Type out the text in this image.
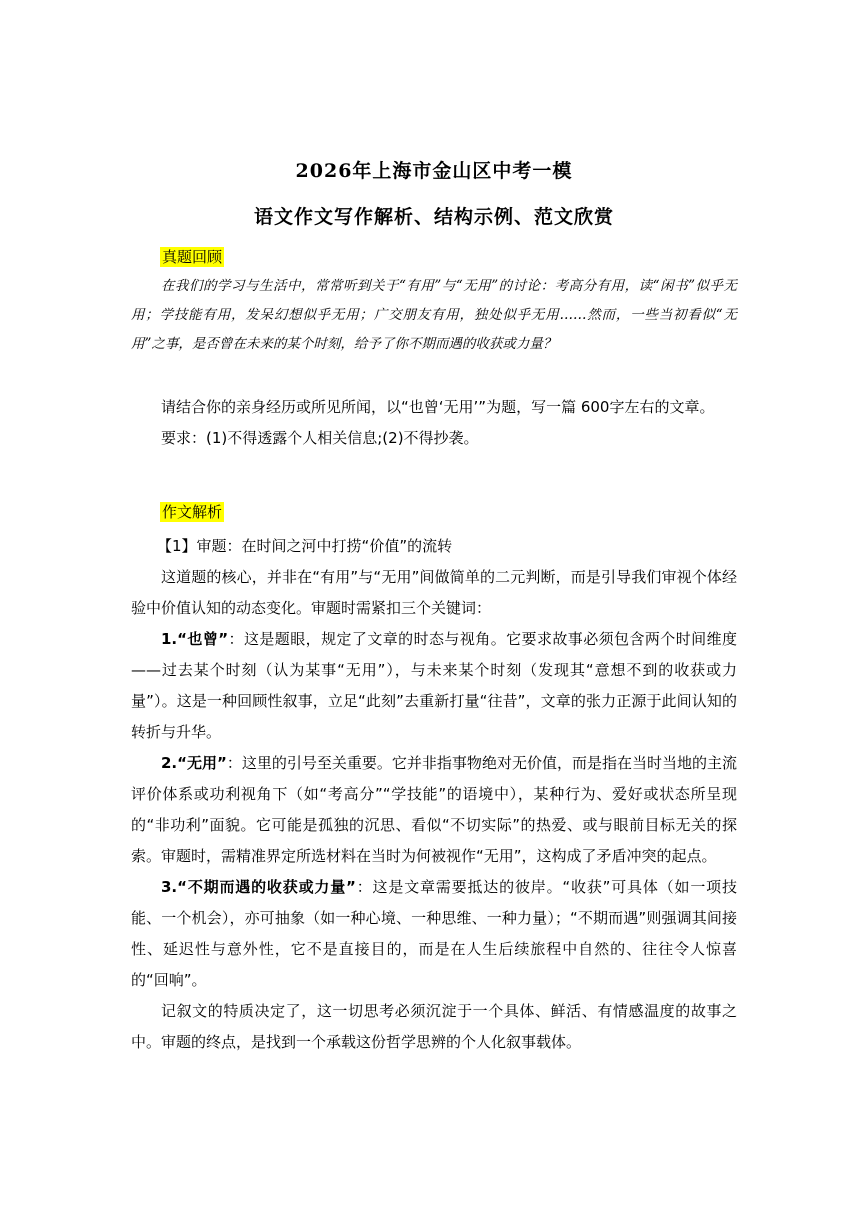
2026年上海市金山区中考一模
语文作文写作解析、结构示例、范文欣赏
真题回顾

在我们的学习与生活中，常常听到关于“有用”与“无用”的讨论：考高分有用，读“闲书”似乎无用；学技能有用，发呆幻想似乎无用；广交朋友有用，独处似乎无用……然而，一些当初看似“无用”之事，是否曾在未来的某个时刻，给予了你不期而遇的收获或力量？

请结合你的亲身经历或所见所闻，以“也曾‘无用’”为题，写一篇 600字左右的文章。

要求：(1)不得透露个人相关信息;(2)不得抄袭。

作文解析

【1】审题：在时间之河中打捞“价值”的流转

这道题的核心，并非在“有用”与“无用”间做简单的二元判断，而是引导我们审视个体经验中价值认知的动态变化。审题时需紧扣三个关键词：

1.“也曾”：这是题眼，规定了文章的时态与视角。它要求故事必须包含两个时间维度——过去某个时刻（认为某事“无用”），与未来某个时刻（发现其“意想不到的收获或力量”）。这是一种回顾性叙事，立足“此刻”去重新打量“往昔”，文章的张力正源于此间认知的转折与升华。

2.“无用”：这里的引号至关重要。它并非指事物绝对无价值，而是指在当时当地的主流评价体系或功利视角下（如“考高分”“学技能”的语境中），某种行为、爱好或状态所呈现的“非功利”面貌。它可能是孤独的沉思、看似“不切实际”的热爱、或与眼前目标无关的探索。审题时，需精准界定所选材料在当时为何被视作“无用”，这构成了矛盾冲突的起点。

3.“不期而遇的收获或力量”：这是文章需要抵达的彼岸。“收获”可具体（如一项技能、一个机会），亦可抽象（如一种心境、一种思维、一种力量）；“不期而遇”则强调其间接性、延迟性与意外性，它不是直接目的，而是在人生后续旅程中自然的、往往令人惊喜的“回响”。

记叙文的特质决定了，这一切思考必须沉淀于一个具体、鲜活、有情感温度的故事之中。审题的终点，是找到一个承载这份哲学思辨的个人化叙事载体。
